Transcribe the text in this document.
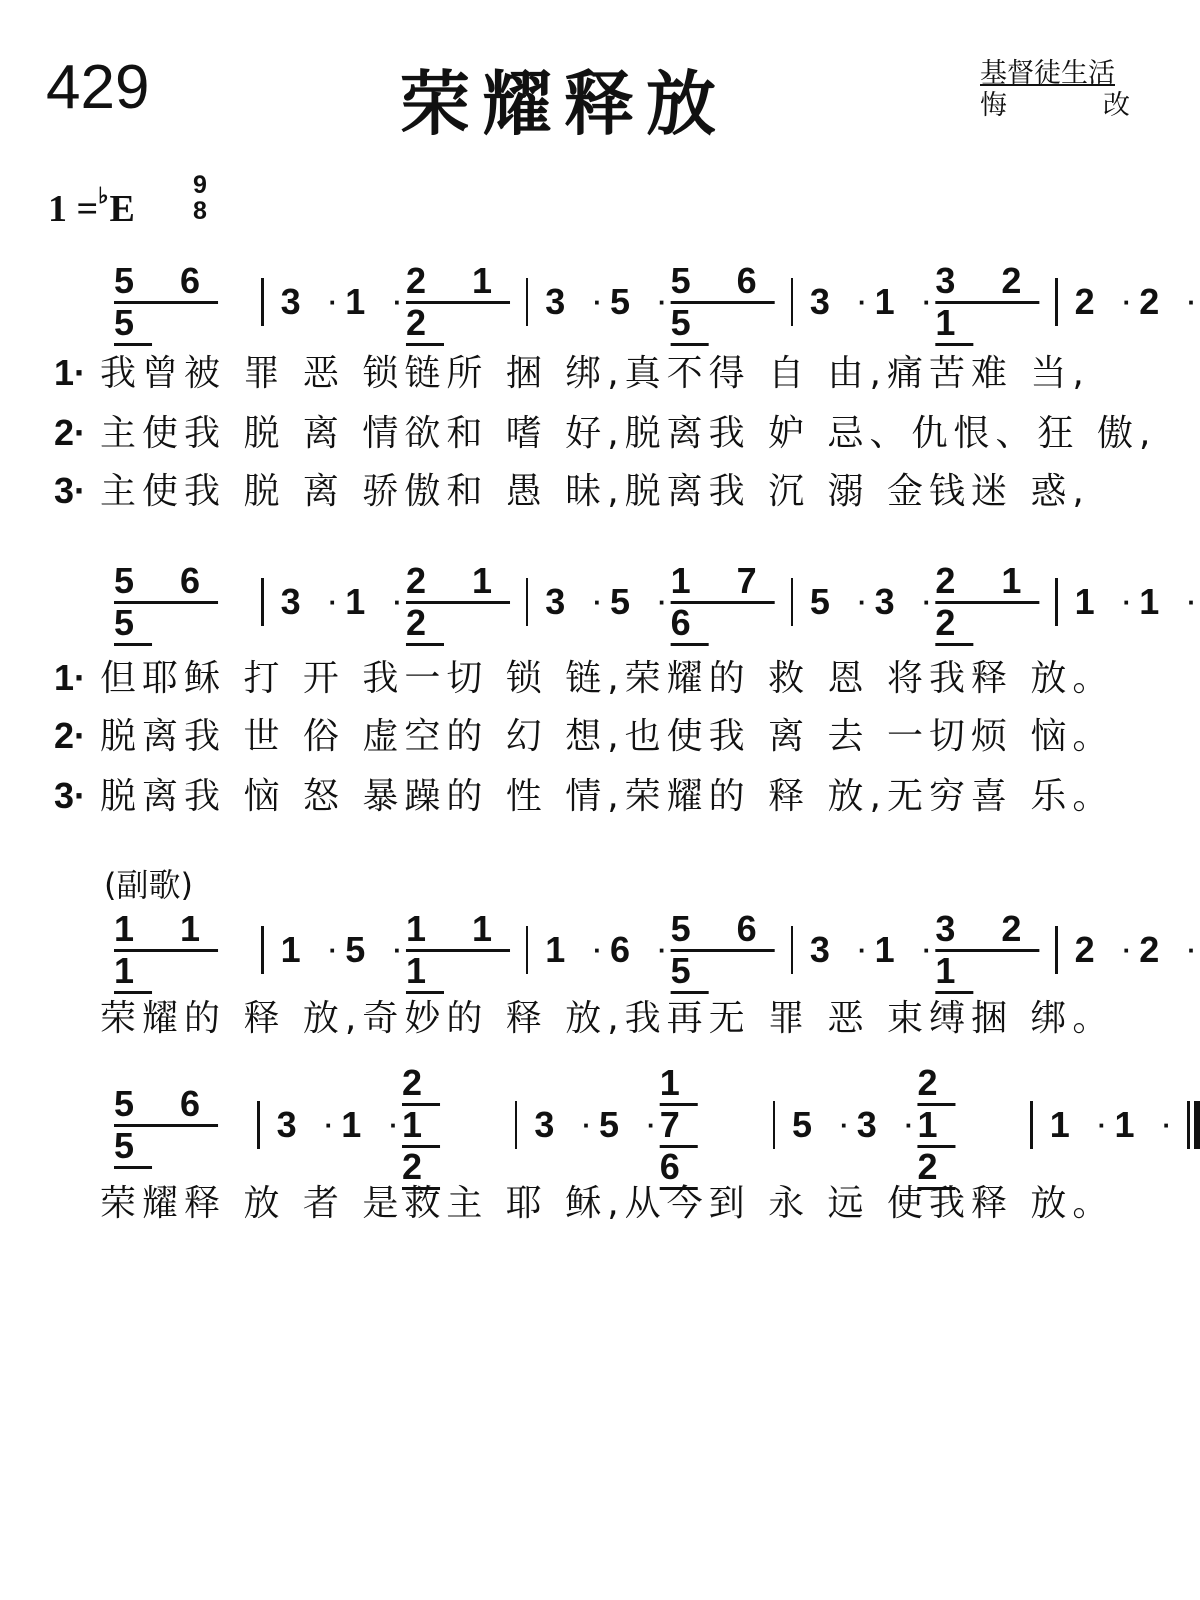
429	荣耀释放	基督徒生活
悔	改
1 =♭E
9
8
5 6 5
3 · 1 ·
2 1 2
3 · 5 ·
5 6 5
3 · 1 ·
3 2 1
2 · 2 ·
5 6 5
3 · 1 ·
2 1 2
3 · 5 ·
1 7 6
5 · 3 ·
2 1 2
1 · 1 ·
1 1 1
1 · 5 ·
1 1 1
1 · 6 ·
5 6 5
3 · 1 ·
3 2 1
2 · 2 ·
5 6 5
3 · 1 ·
2 1 2
3 · 5 ·
1 7 6
5 · 3 ·
2 1 2
1 · 1 ·
1· 我曾被 罪 恶 锁链所 捆 绑,真不得 自 由,痛苦难 当,
2· 主使我 脱 离 情欲和 嗜 好,脱离我 妒 忌、仇恨、狂 傲,
3· 主使我 脱 离 骄傲和 愚 昧,脱离我 沉 溺 金钱迷 惑,
1· 但耶稣 打 开 我一切 锁 链,荣耀的 救 恩 将我释 放。
2· 脱离我 世 俗 虚空的 幻 想,也使我 离 去 一切烦 恼。
3· 脱离我 恼 怒 暴躁的 性 情,荣耀的 释 放,无穷喜 乐。
(副歌)
荣耀的 释 放,奇妙的 释 放,我再无 罪 恶 束缚捆 绑。
荣耀释 放 者 是救主 耶 稣,从今到 永 远 使我释 放。
